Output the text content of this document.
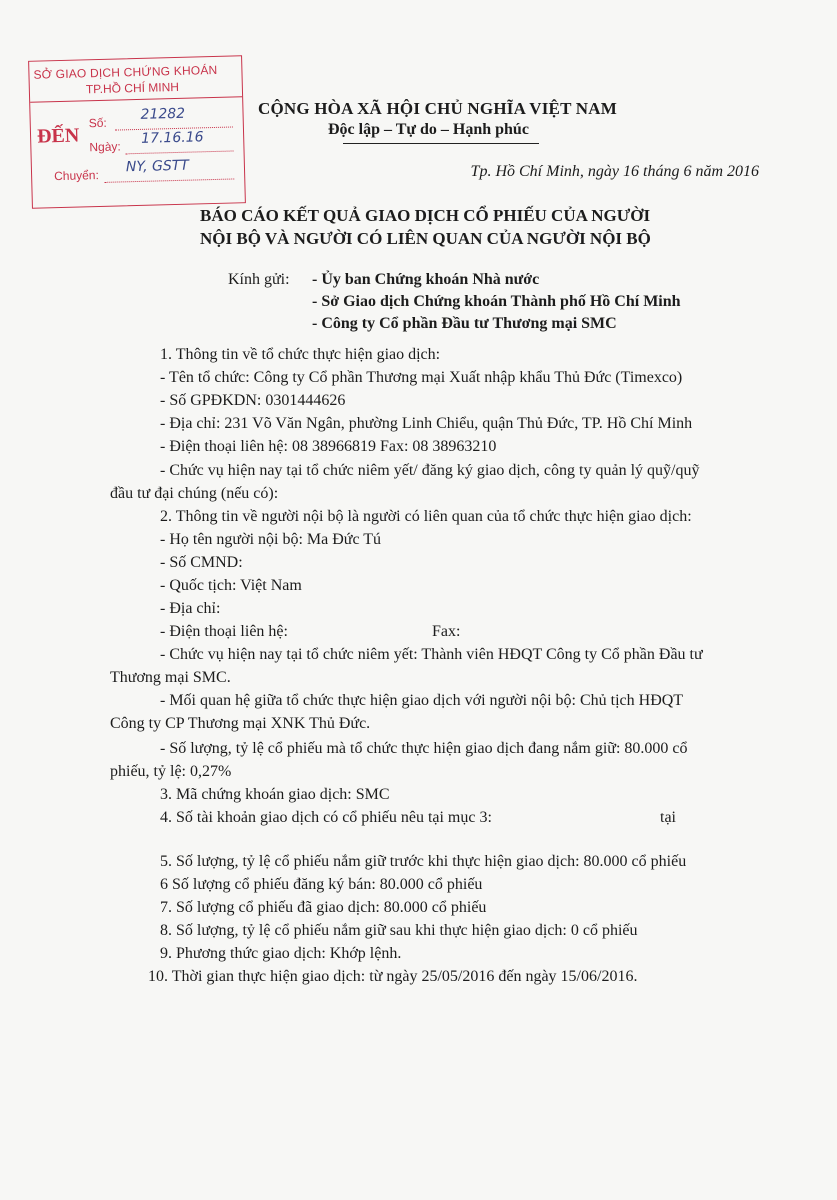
SỞ GIAO DỊCH CHỨNG KHOÁN
TP.HỒ CHÍ MINH
ĐẾN
Số:
21282
Ngày: 17.16.16
Chuyển:
NY, GSTT
CỘNG HÒA XÃ HỘI CHỦ NGHĨA VIỆT NAM
Độc lập – Tự do – Hạnh phúc
Tp. Hồ Chí Minh, ngày 16 tháng 6 năm 2016
BÁO CÁO KẾT QUẢ GIAO DỊCH CỔ PHIẾU CỦA NGƯỜI
NỘI BỘ VÀ NGƯỜI CÓ LIÊN QUAN CỦA NGƯỜI NỘI BỘ
Kính gửi: - Ủy ban Chứng khoán Nhà nước
- Sở Giao dịch Chứng khoán Thành phố Hồ Chí Minh
- Công ty Cổ phần Đầu tư Thương mại SMC
1. Thông tin về tổ chức thực hiện giao dịch:
- Tên tổ chức: Công ty Cổ phần Thương mại Xuất nhập khẩu Thủ Đức (Timexco)
- Số GPĐKDN: 0301444626
- Địa chỉ: 231 Võ Văn Ngân, phường Linh Chiểu, quận Thủ Đức, TP. Hồ Chí Minh
- Điện thoại liên hệ: 08 38966819 Fax: 08 38963210
- Chức vụ hiện nay tại tổ chức niêm yết/ đăng ký giao dịch, công ty quản lý quỹ/quỹ
đầu tư đại chúng (nếu có):
2. Thông tin về người nội bộ là người có liên quan của tổ chức thực hiện giao dịch:
- Họ tên người nội bộ: Ma Đức Tú
- Số CMND:
- Quốc tịch: Việt Nam
- Địa chỉ:
- Điện thoại liên hệ:	Fax:
- Chức vụ hiện nay tại tổ chức niêm yết: Thành viên HĐQT Công ty Cổ phần Đầu tư
Thương mại SMC.
- Mối quan hệ giữa tổ chức thực hiện giao dịch với người nội bộ: Chủ tịch HĐQT
Công ty CP Thương mại XNK Thủ Đức.
- Số lượng, tỷ lệ cổ phiếu mà tổ chức thực hiện giao dịch đang nắm giữ: 80.000 cổ
phiếu, tỷ lệ: 0,27%
3. Mã chứng khoán giao dịch: SMC
4. Số tài khoản giao dịch có cổ phiếu nêu tại mục 3:	tại
5. Số lượng, tỷ lệ cổ phiếu nắm giữ trước khi thực hiện giao dịch: 80.000 cổ phiếu
6 Số lượng cổ phiếu đăng ký bán: 80.000 cổ phiếu
7. Số lượng cổ phiếu đã giao dịch: 80.000 cổ phiếu
8. Số lượng, tỷ lệ cổ phiếu nắm giữ sau khi thực hiện giao dịch: 0 cổ phiếu
9. Phương thức giao dịch: Khớp lệnh.
10. Thời gian thực hiện giao dịch: từ ngày 25/05/2016 đến ngày 15/06/2016.
